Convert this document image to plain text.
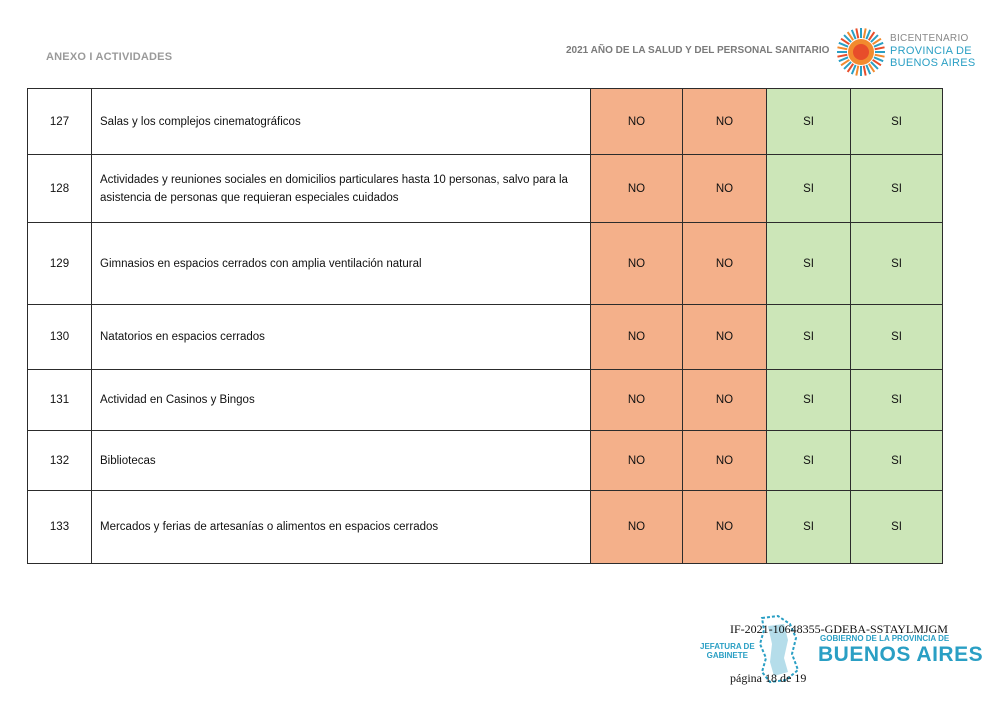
ANEXO I ACTIVIDADES
2021 AÑO DE LA SALUD Y DEL PERSONAL SANITARIO
BICENTENARIO
PROVINCIA DE
BUENOS AIRES
127	Salas y los complejos cinematográficos	NO	NO	SI	SI
128	Actividades y reuniones sociales en domicilios particulares hasta 10 personas, salvo para la asistencia de personas que requieran especiales cuidados	NO	NO	SI	SI
129	Gimnasios en espacios cerrados con amplia ventilación natural	NO	NO	SI	SI
130	Natatorios en espacios cerrados	NO	NO	SI	SI
131	Actividad en Casinos y Bingos	NO	NO	SI	SI
132	Bibliotecas	NO	NO	SI	SI
133	Mercados y ferias de artesanías o alimentos en espacios cerrados	NO	NO	SI	SI
JEFATURA DE
GABINETE
GOBIERNO DE LA PROVINCIA DE
BUENOS AIRES
IF-2021-10648355-GDEBA-SSTAYLMJGM
página 18 de 19
